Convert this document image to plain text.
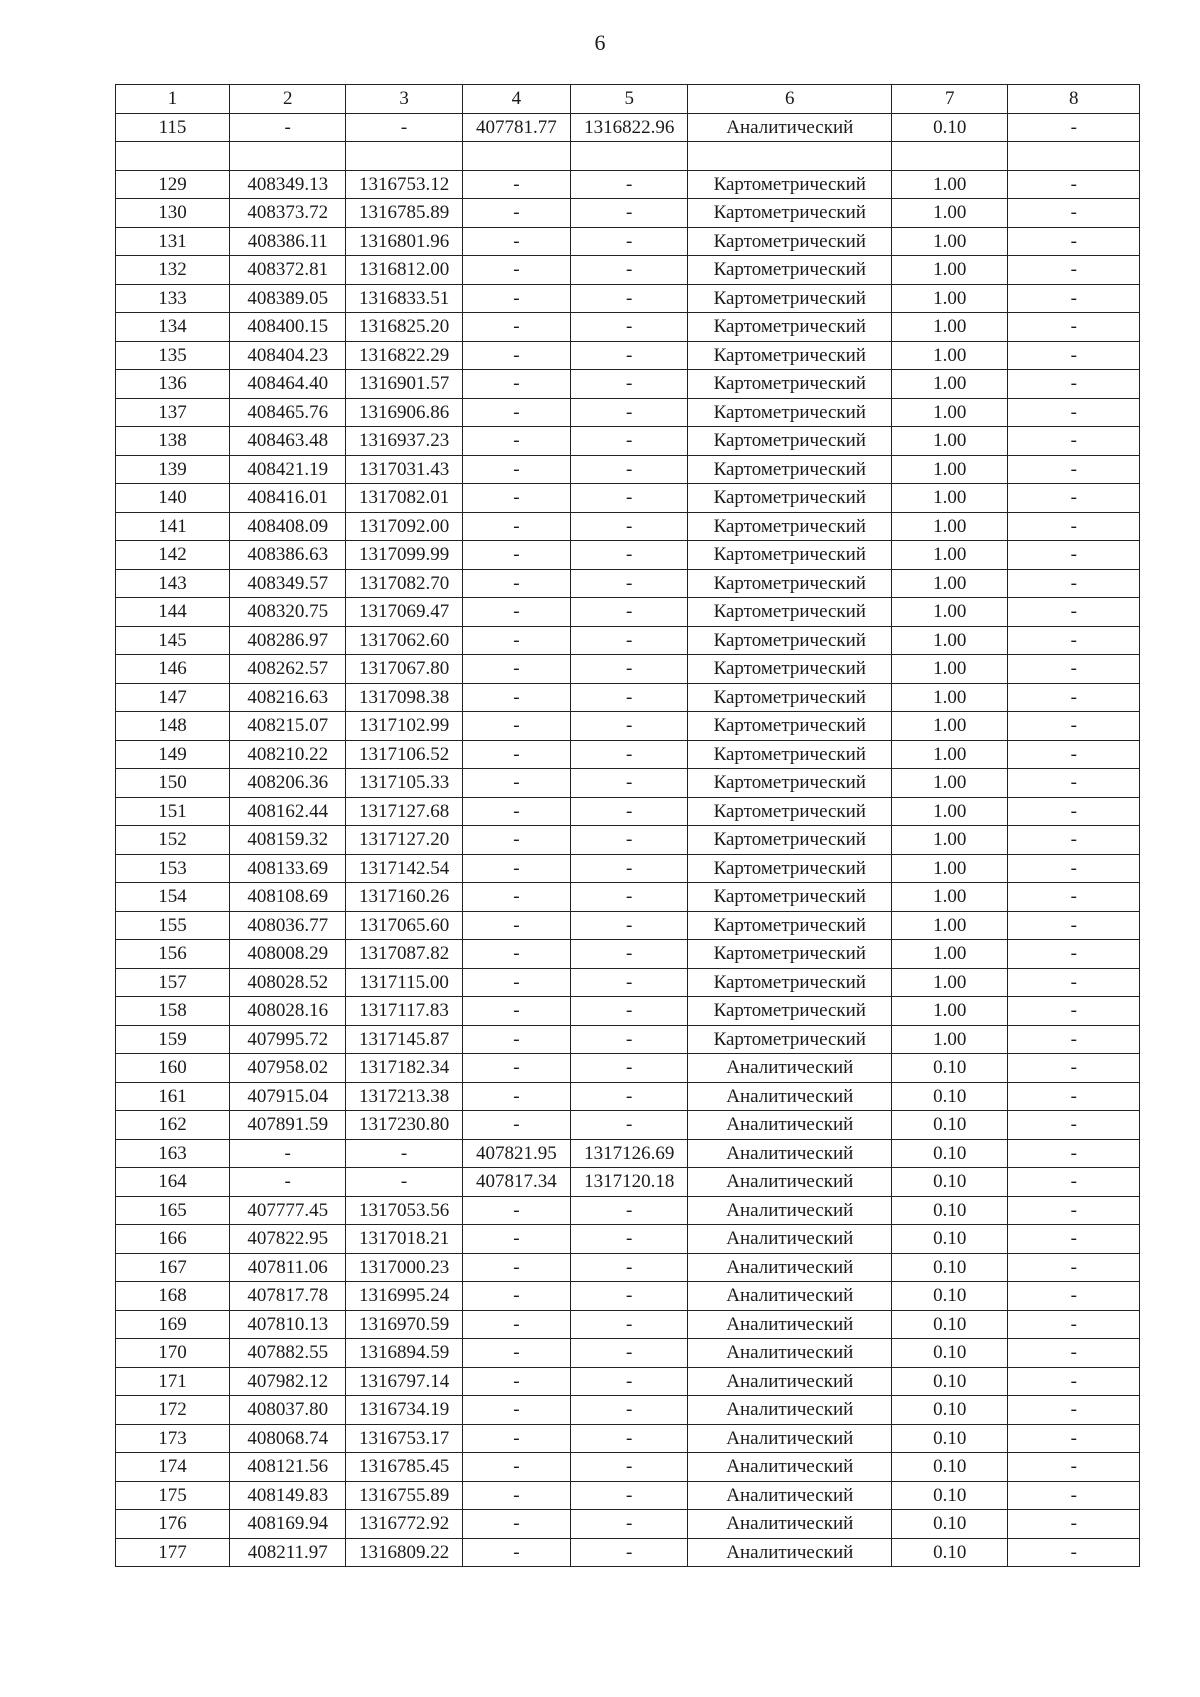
6
1	2	3	4	5	6	7	8
115	-	-	407781.77	1316822.96	Аналитический	0.10	-

129	408349.13	1316753.12	-	-	Картометрический	1.00	-
130	408373.72	1316785.89	-	-	Картометрический	1.00	-
131	408386.11	1316801.96	-	-	Картометрический	1.00	-
132	408372.81	1316812.00	-	-	Картометрический	1.00	-
133	408389.05	1316833.51	-	-	Картометрический	1.00	-
134	408400.15	1316825.20	-	-	Картометрический	1.00	-
135	408404.23	1316822.29	-	-	Картометрический	1.00	-
136	408464.40	1316901.57	-	-	Картометрический	1.00	-
137	408465.76	1316906.86	-	-	Картометрический	1.00	-
138	408463.48	1316937.23	-	-	Картометрический	1.00	-
139	408421.19	1317031.43	-	-	Картометрический	1.00	-
140	408416.01	1317082.01	-	-	Картометрический	1.00	-
141	408408.09	1317092.00	-	-	Картометрический	1.00	-
142	408386.63	1317099.99	-	-	Картометрический	1.00	-
143	408349.57	1317082.70	-	-	Картометрический	1.00	-
144	408320.75	1317069.47	-	-	Картометрический	1.00	-
145	408286.97	1317062.60	-	-	Картометрический	1.00	-
146	408262.57	1317067.80	-	-	Картометрический	1.00	-
147	408216.63	1317098.38	-	-	Картометрический	1.00	-
148	408215.07	1317102.99	-	-	Картометрический	1.00	-
149	408210.22	1317106.52	-	-	Картометрический	1.00	-
150	408206.36	1317105.33	-	-	Картометрический	1.00	-
151	408162.44	1317127.68	-	-	Картометрический	1.00	-
152	408159.32	1317127.20	-	-	Картометрический	1.00	-
153	408133.69	1317142.54	-	-	Картометрический	1.00	-
154	408108.69	1317160.26	-	-	Картометрический	1.00	-
155	408036.77	1317065.60	-	-	Картометрический	1.00	-
156	408008.29	1317087.82	-	-	Картометрический	1.00	-
157	408028.52	1317115.00	-	-	Картометрический	1.00	-
158	408028.16	1317117.83	-	-	Картометрический	1.00	-
159	407995.72	1317145.87	-	-	Картометрический	1.00	-
160	407958.02	1317182.34	-	-	Аналитический	0.10	-
161	407915.04	1317213.38	-	-	Аналитический	0.10	-
162	407891.59	1317230.80	-	-	Аналитический	0.10	-
163	-	-	407821.95	1317126.69	Аналитический	0.10	-
164	-	-	407817.34	1317120.18	Аналитический	0.10	-
165	407777.45	1317053.56	-	-	Аналитический	0.10	-
166	407822.95	1317018.21	-	-	Аналитический	0.10	-
167	407811.06	1317000.23	-	-	Аналитический	0.10	-
168	407817.78	1316995.24	-	-	Аналитический	0.10	-
169	407810.13	1316970.59	-	-	Аналитический	0.10	-
170	407882.55	1316894.59	-	-	Аналитический	0.10	-
171	407982.12	1316797.14	-	-	Аналитический	0.10	-
172	408037.80	1316734.19	-	-	Аналитический	0.10	-
173	408068.74	1316753.17	-	-	Аналитический	0.10	-
174	408121.56	1316785.45	-	-	Аналитический	0.10	-
175	408149.83	1316755.89	-	-	Аналитический	0.10	-
176	408169.94	1316772.92	-	-	Аналитический	0.10	-
177	408211.97	1316809.22	-	-	Аналитический	0.10	-
